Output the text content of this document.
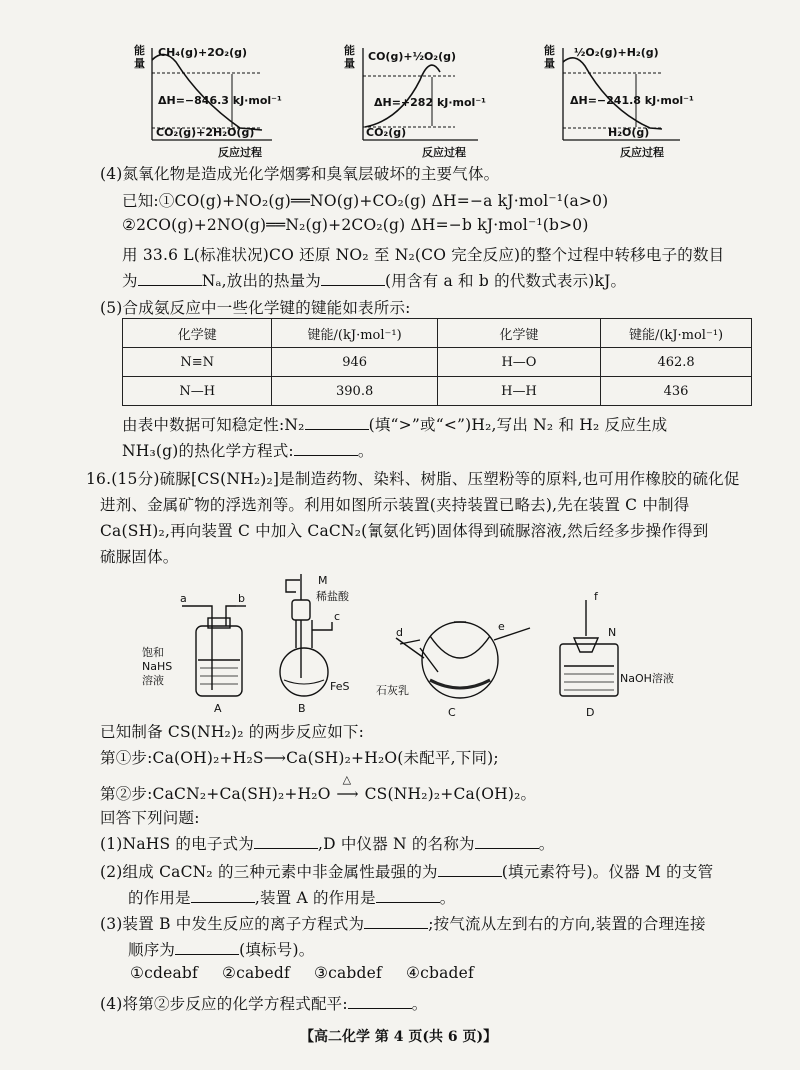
能量
CH₄(g)+2O₂(g)
ΔH=−846.3 kJ·mol⁻¹
CO₂(g)+2H₂O(g)
反应过程
能量
CO(g)+½O₂(g)
ΔH=+282 kJ·mol⁻¹
CO₂(g)
反应过程
能量
½O₂(g)+H₂(g)
ΔH=−241.8 kJ·mol⁻¹
H₂O(g)
反应过程
(4)氮氧化物是造成光化学烟雾和臭氧层破坏的主要气体。
已知:①CO(g)+NO₂(g)══NO(g)+CO₂(g) ΔH=−a kJ·mol⁻¹(a>0)
②2CO(g)+2NO(g)══N₂(g)+2CO₂(g) ΔH=−b kJ·mol⁻¹(b>0)
用 33.6 L(标准状况)CO 还原 NO₂ 至 N₂(CO 完全反应)的整个过程中转移电子的数目
为	Nₐ,放出的热量为	(用含有 a 和 b 的代数式表示)kJ。
(5)合成氨反应中一些化学键的键能如表所示:
化学键	键能/(kJ·mol⁻¹)	化学键	键能/(kJ·mol⁻¹)
N≡N	946	H—O	462.8
N—H	390.8	H—H	436
由表中数据可知稳定性:N₂	(填“>”或“<”)H₂,写出 N₂ 和 H₂ 反应生成
NH₃(g)的热化学方程式:	。
16.(15分)硫脲[CS(NH₂)₂]是制造药物、染料、树脂、压塑粉等的原料,也可用作橡胶的硫化促
进剂、金属矿物的浮选剂等。利用如图所示装置(夹持装置已略去),先在装置 C 中制得
Ca(SH)₂,再向装置 C 中加入 CaCN₂(氰氨化钙)固体得到硫脲溶液,然后经多步操作得到
硫脲固体。
a	b
饱和
NaHS
溶液
A
M
稀盐酸
c
FeS
B
d	e
石灰乳
C
f
N
NaOH溶液
D
已知制备 CS(NH₂)₂ 的两步反应如下:
第①步:Ca(OH)₂+H₂S⟶Ca(SH)₂+H₂O(未配平,下同);
第②步:CaCN₂+Ca(SH)₂+H₂O
△
⟶ CS(NH₂)₂+Ca(OH)₂。
回答下列问题:
(1)NaHS 的电子式为	,D 中仪器 N 的名称为	。
(2)组成 CaCN₂ 的三种元素中非金属性最强的为	(填元素符号)。仪器 M 的支管
的作用是	,装置 A 的作用是	。
(3)装置 B 中发生反应的离子方程式为	;按气流从左到右的方向,装置的合理连接
顺序为	(填标号)。
①cdeabf ②cabedf ③cabdef ④cbadef
(4)将第②步反应的化学方程式配平:	。
【高二化学 第 4 页(共 6 页)】
